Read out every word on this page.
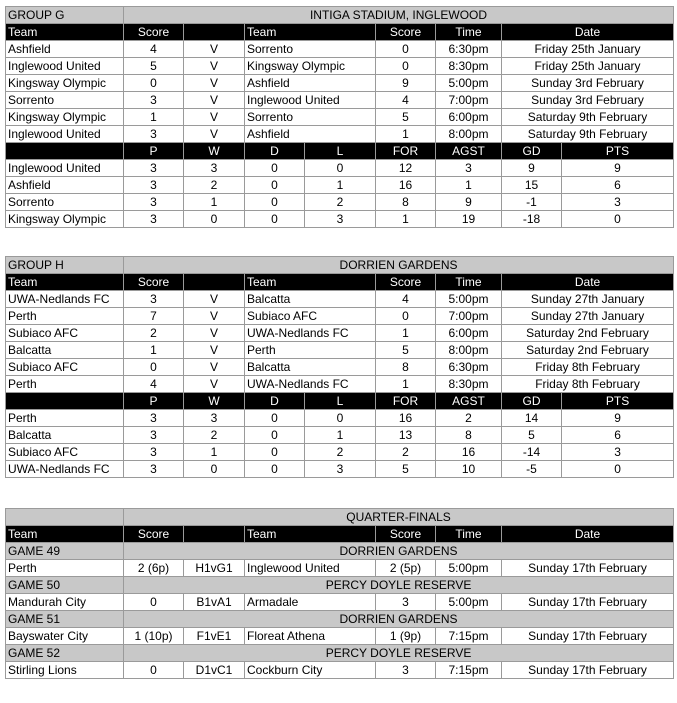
GROUP G	INTIGA STADIUM, INGLEWOOD							
Team	Score		Team		Score	Time	Date	
Ashfield	4	V	Sorrento		0	6:30pm	Friday 25th January	
Inglewood United	5	V	Kingsway Olympic		0	8:30pm	Friday 25th January	
Kingsway Olympic	0	V	Ashfield		9	5:00pm	Sunday 3rd February	
Sorrento	3	V	Inglewood United		4	7:00pm	Sunday 3rd February	
Kingsway Olympic	1	V	Sorrento		5	6:00pm	Saturday 9th February	
Inglewood United	3	V	Ashfield		1	8:00pm	Saturday 9th February	
	P	W	D	L	FOR	AGST	GD	PTS
Inglewood United	3	3	0	0	12	3	9	9
Ashfield	3	2	0	1	16	1	15	6
Sorrento	3	1	0	2	8	9	-1	3
Kingsway Olympic	3	0	0	3	1	19	-18	0
GROUP H	DORRIEN GARDENS							
Team	Score		Team		Score	Time	Date	
UWA-Nedlands FC	3	V	Balcatta		4	5:00pm	Sunday 27th January	
Perth	7	V	Subiaco AFC		0	7:00pm	Sunday 27th January	
Subiaco AFC	2	V	UWA-Nedlands FC		1	6:00pm	Saturday 2nd February	
Balcatta	1	V	Perth		5	8:00pm	Saturday 2nd February	
Subiaco AFC	0	V	Balcatta		8	6:30pm	Friday 8th February	
Perth	4	V	UWA-Nedlands FC		1	8:30pm	Friday 8th February	
	P	W	D	L	FOR	AGST	GD	PTS
Perth	3	3	0	0	16	2	14	9
Balcatta	3	2	0	1	13	8	5	6
Subiaco AFC	3	1	0	2	2	16	-14	3
UWA-Nedlands FC	3	0	0	3	5	10	-5	0
	QUARTER-FINALS					
Team	Score		Team	Score	Time	Date
GAME 49	DORRIEN GARDENS					
Perth	2 (6p)	H1vG1	Inglewood United	2 (5p)	5:00pm	Sunday 17th February
GAME 50	PERCY DOYLE RESERVE					
Mandurah City	0	B1vA1	Armadale	3	5:00pm	Sunday 17th February
GAME 51	DORRIEN GARDENS					
Bayswater City	1 (10p)	F1vE1	Floreat Athena	1 (9p)	7:15pm	Sunday 17th February
GAME 52	PERCY DOYLE RESERVE					
Stirling Lions	0	D1vC1	Cockburn City	3	7:15pm	Sunday 17th February
